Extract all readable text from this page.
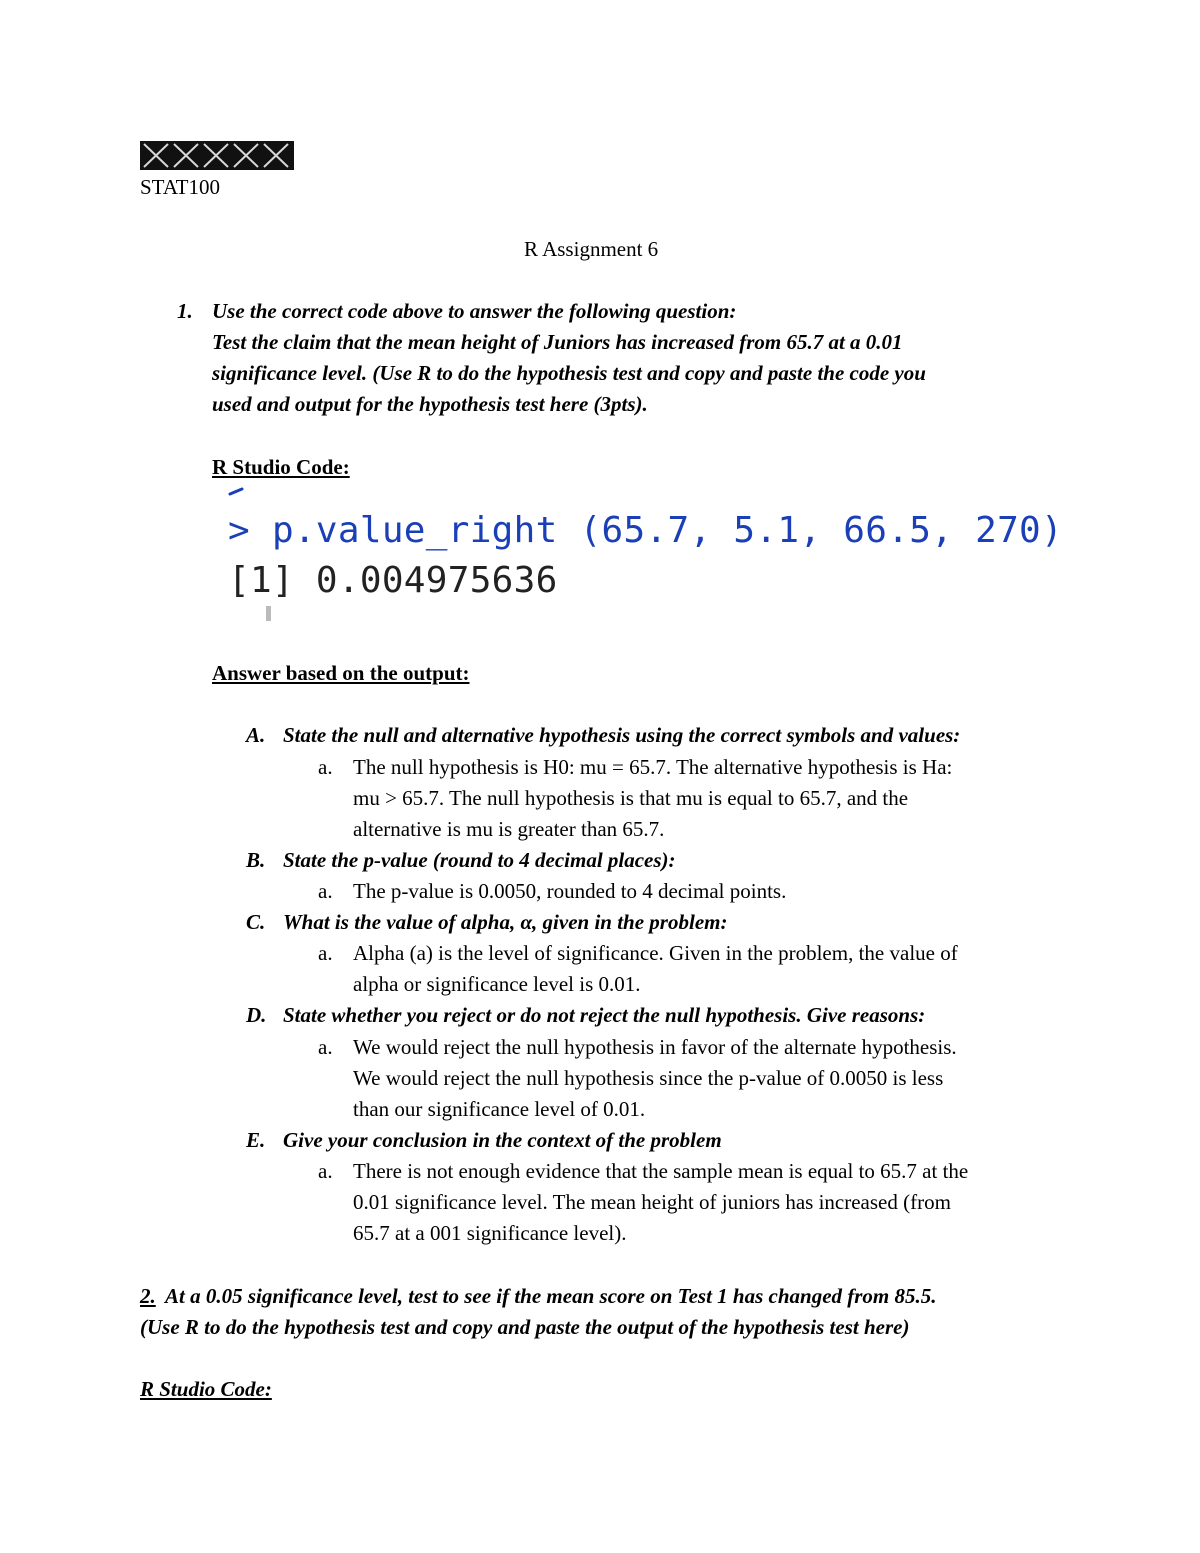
STAT100
R Assignment 6
1. Use the correct code above to answer the following question:
Test the claim that the mean height of Juniors has increased from 65.7 at a 0.01
significance level. (Use R to do the hypothesis test and copy and paste the code you
used and output for the hypothesis test here (3pts).
R Studio Code:
> p.value_right (65.7, 5.1, 66.5, 270)
[1] 0.004975636
Answer based on the output:
A. State the null and alternative hypothesis using the correct symbols and values:
a. The null hypothesis is H0: mu = 65.7. The alternative hypothesis is Ha:
mu > 65.7. The null hypothesis is that mu is equal to 65.7, and the
alternative is mu is greater than 65.7.
B. State the p-value (round to 4 decimal places):
a. The p-value is 0.0050, rounded to 4 decimal points.
C. What is the value of alpha, α, given in the problem:
a. Alpha (a) is the level of significance. Given in the problem, the value of
alpha or significance level is 0.01.
D. State whether you reject or do not reject the null hypothesis. Give reasons:
a. We would reject the null hypothesis in favor of the alternate hypothesis.
We would reject the null hypothesis since the p-value of 0.0050 is less
than our significance level of 0.01.
E. Give your conclusion in the context of the problem
a. There is not enough evidence that the sample mean is equal to 65.7 at the
0.01 significance level. The mean height of juniors has increased (from
65.7 at a 001 significance level).
2. At a 0.05 significance level, test to see if the mean score on Test 1 has changed from 85.5.
(Use R to do the hypothesis test and copy and paste the output of the hypothesis test here)
R Studio Code:
